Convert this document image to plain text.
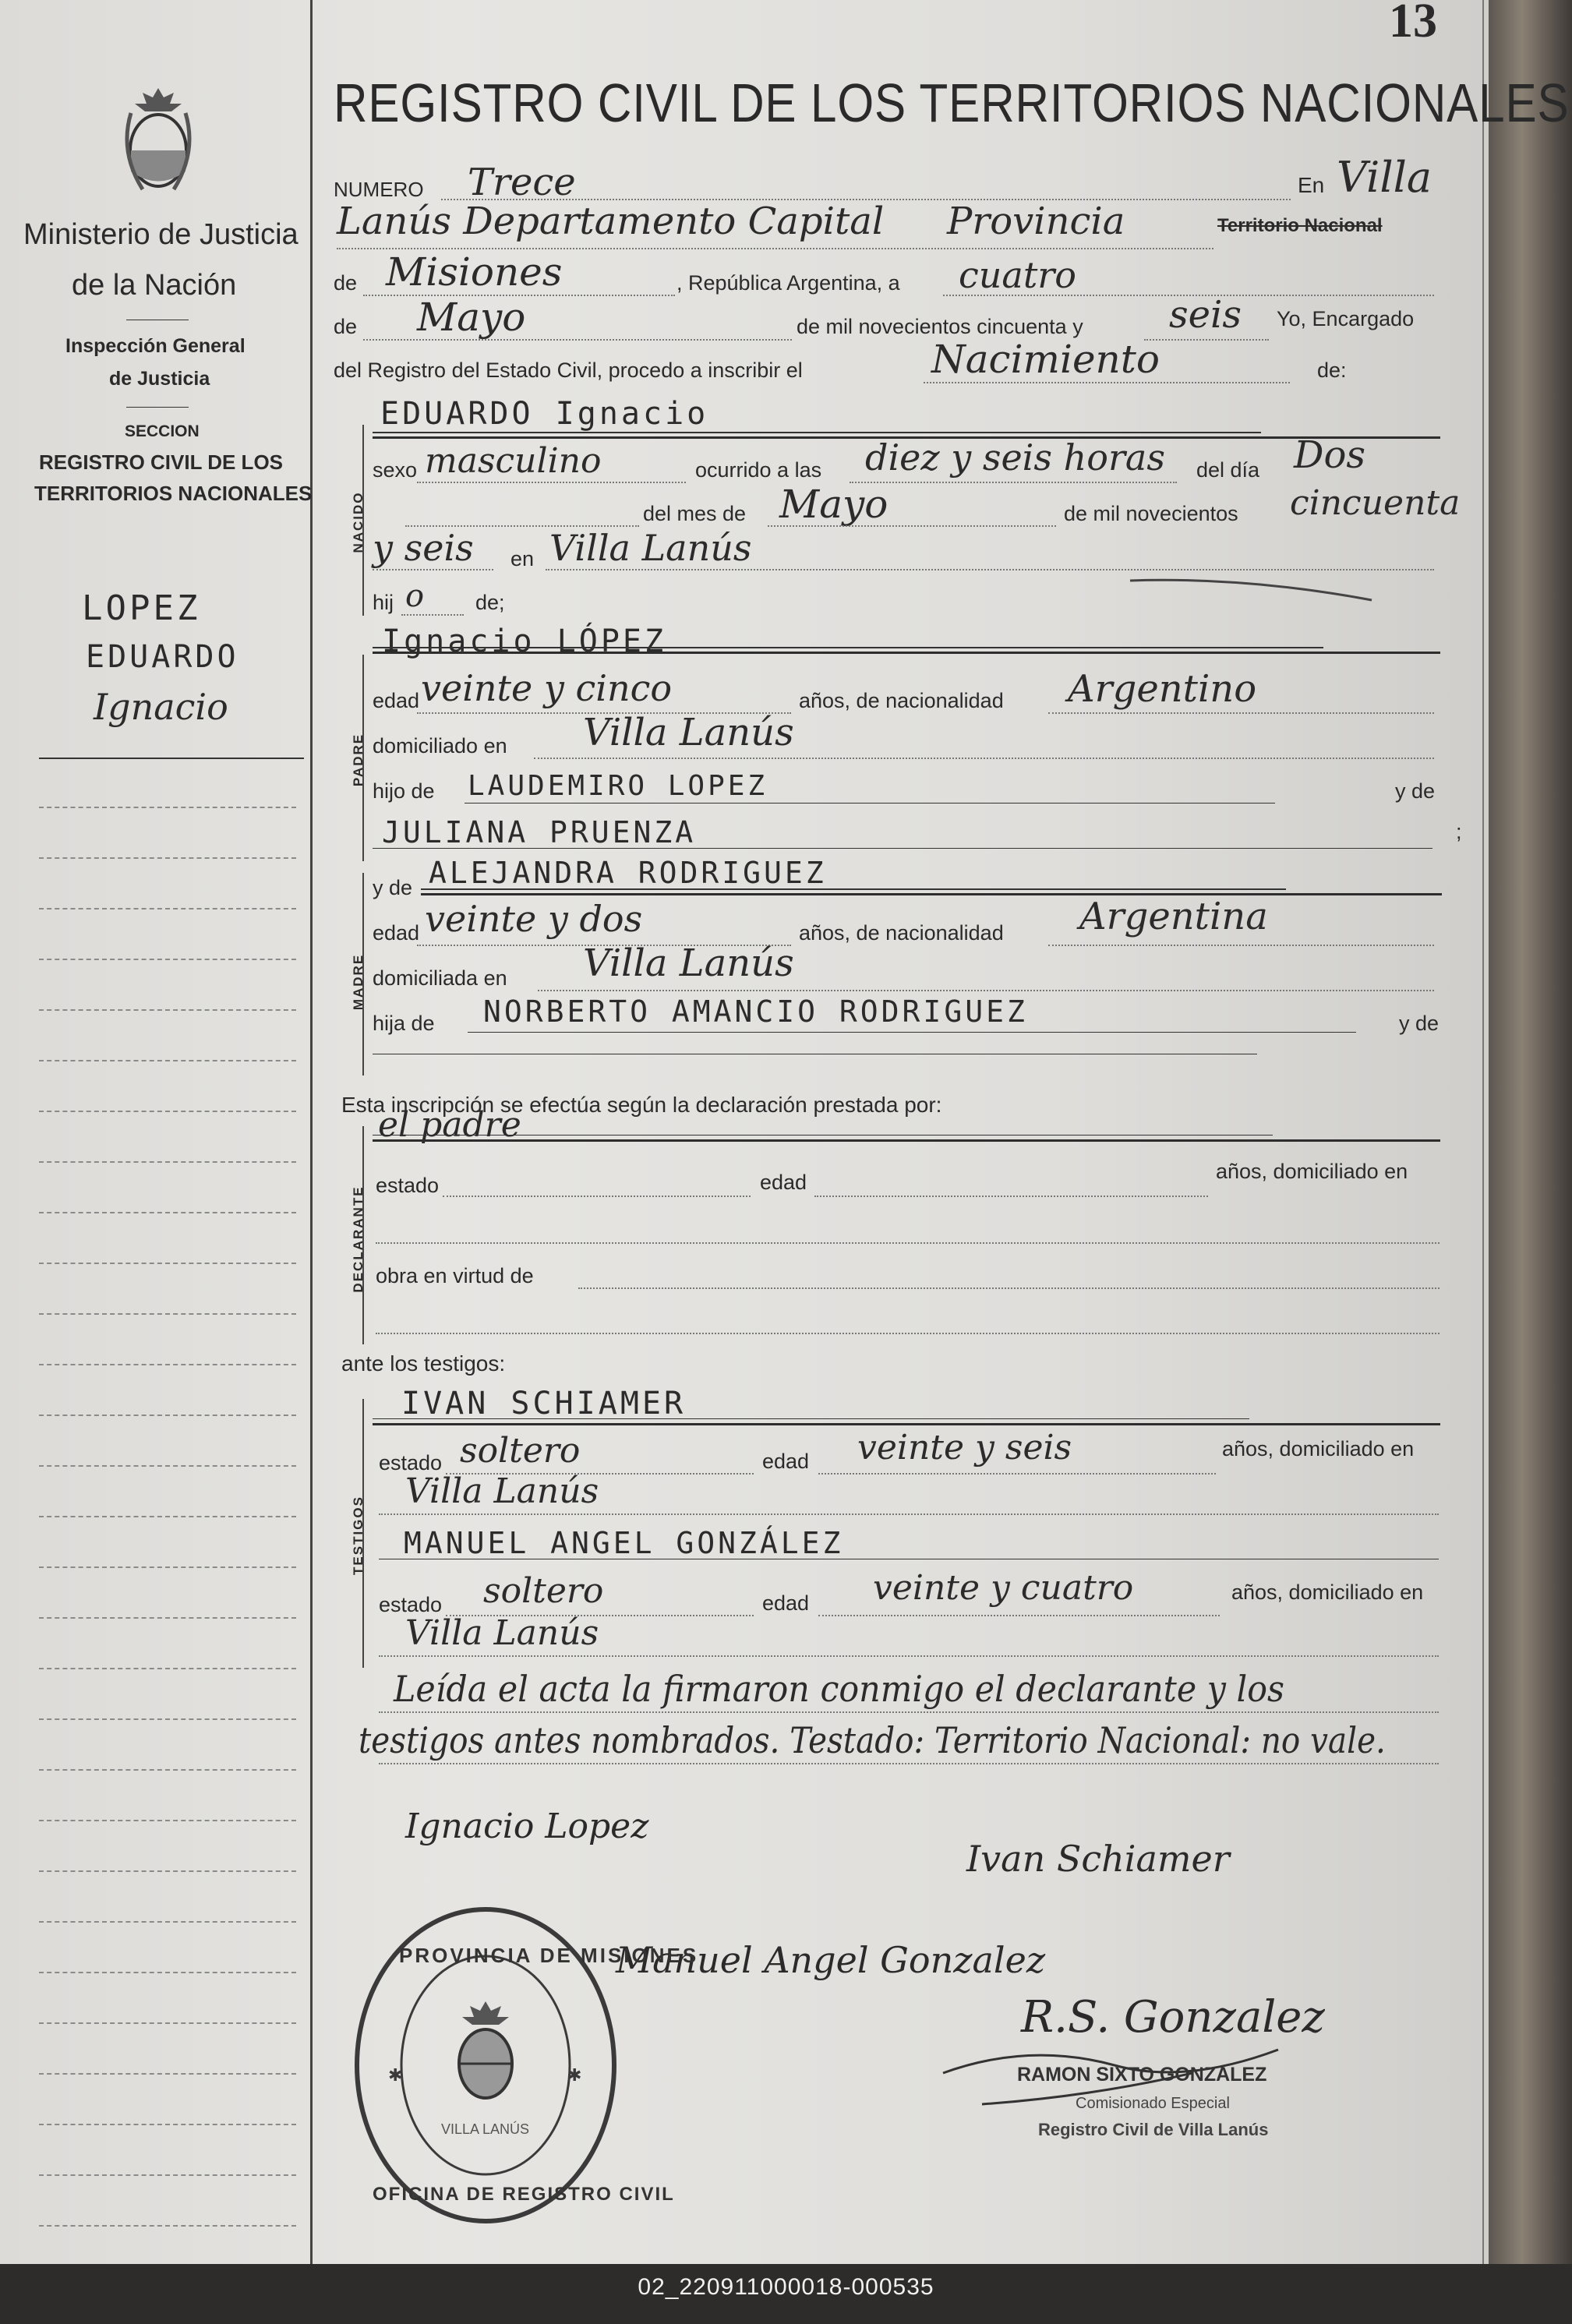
02_220911000018-000535
13
Ministerio de Justicia
de la Nación
Inspección General
de Justicia
SECCION
REGISTRO CIVIL DE LOS
TERRITORIOS NACIONALES
LOPEZ
EDUARDO
Ignacio
REGISTRO CIVIL DE LOS TERRITORIOS NACIONALES
NUMERO Trece	En Villa
Lanús Departamento Capital Provincia	Territorio Nacional
de Misiones	, República Argentina, a cuatro
de Mayo	de mil novecientos cincuenta y seis Yo, Encargado
del Registro del Estado Civil, procedo a inscribir el	Nacimiento	de:
NACIDO
EDUARDO Ignacio
sexo masculino	ocurrido a las diez y seis horas del día Dos
del mes de Mayo	de mil novecientos cincuenta
y seis en Villa Lanús
hij o de;
PADRE
Ignacio LÓPEZ
edad veinte y cinco	años, de nacionalidad Argentino
domiciliado en Villa Lanús
hijo de LAUDEMIRO LOPEZ	y de
JULIANA PRUENZA	;
MADRE
y de ALEJANDRA RODRIGUEZ
edad veinte y dos	años, de nacionalidad Argentina
domiciliada en Villa Lanús
hija de NORBERTO AMANCIO RODRIGUEZ	y de
Esta inscripción se efectúa según la declaración prestada por:
DECLARANTE
el padre
estado	edad	años, domiciliado en
obra en virtud de
ante los testigos:
TESTIGOS
IVAN SCHIAMER
estado soltero	edad veinte y seis	años, domiciliado en
Villa Lanús
MANUEL ANGEL GONZÁLEZ
estado soltero	edad veinte y cuatro	años, domiciliado en
Villa Lanús
Leída el acta la firmaron conmigo el declarante y los
testigos antes nombrados. Testado: Territorio Nacional: no vale.
Ignacio Lopez
Ivan Schiamer
Manuel Angel Gonzalez
R.S. Gonzalez
RAMON SIXTO GONZALEZ
Comisionado Especial
Registro Civil de Villa Lanús
✱	✱
PROVINCIA DE MISIONES
OFICINA DE REGISTRO CIVIL
VILLA LANÚS
